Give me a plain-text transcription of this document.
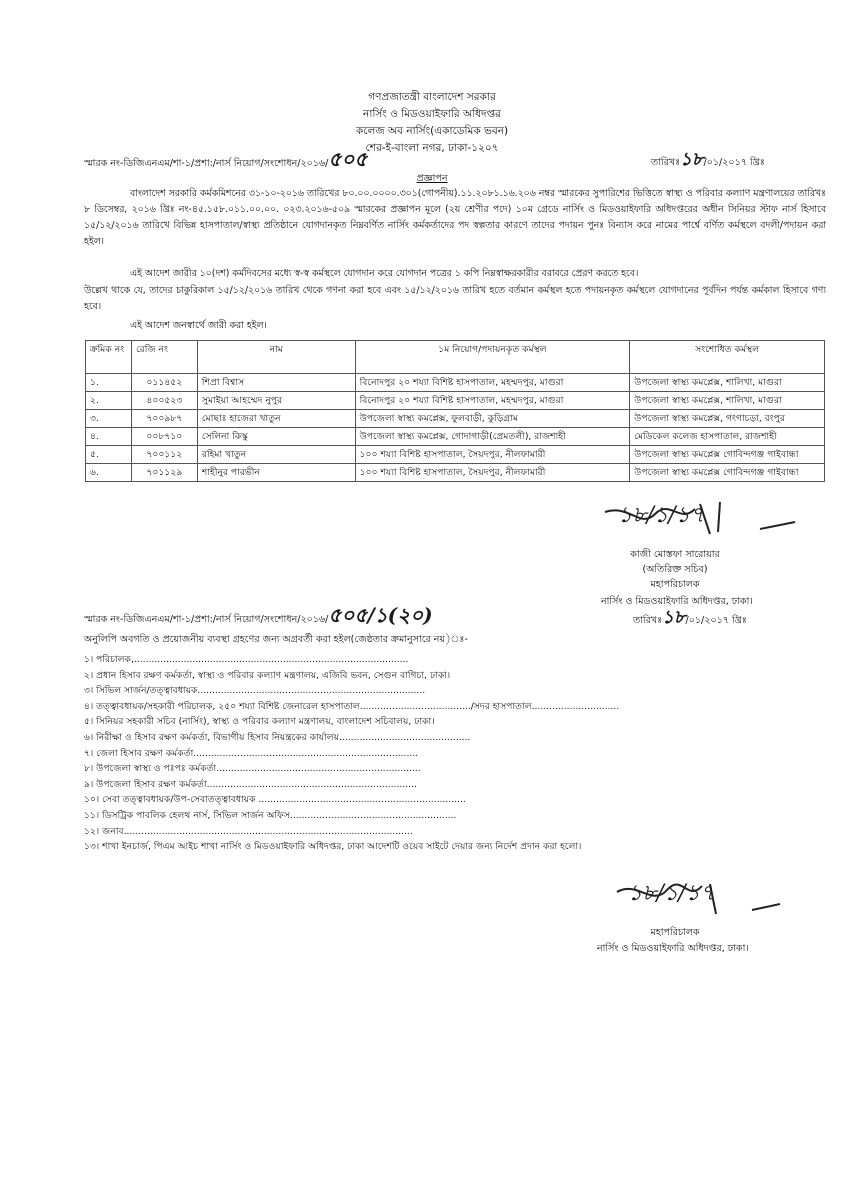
গণপ্রজাতন্ত্রী বাংলাদেশ সরকার
নার্সিং ও মিডওয়াইফারি অধিদপ্তর
কলেজ অব নার্সিং(একাডেমিক ভবন)
শের-ই-বাংলা নগর, ঢাকা-১২০৭
স্মারক নং-ডিজিএনএম/শা-১/প্রশা:/নার্স নিয়োগ/সংশোধন/২০১৬/৫০৫	তারিখঃ১৮/০১/২০১৭ খ্রিঃ
প্রজ্ঞাপন
বাংলাদেশ সরকারি কর্মকমিশনের ৩১-১০-২০১৬ তারিখের ৮০.০০.০০০০.৩০১(গোপনীয়).১১.২০৮১.১৬.২০৬ নম্বর স্মারকের সুপারিশের ভিত্তিতে স্বাস্থ্য ও পরিবার কল্যাণ মন্ত্রণালয়ের তারিখঃ ৮ ডিসেম্বর, ২০১৬ খ্রিঃ নং-৪৫.১৫৮.০১১.০০.০০. ০২৩.২০১৬-৫০৯ স্মারকের প্রজ্ঞাপন মূলে (২য় শ্রেণীর পদে) ১০ম গ্রেডে নার্সিং ও মিডওয়াইফারি অধিদপ্তরের অধীন সিনিয়র স্টাফ নার্স হিসাবে ১৫/১২/২০১৬ তারিখে বিভিন্ন হাসপাতাল/স্বাস্থ্য প্রতিষ্ঠানে যোগদানকৃত নিম্নবর্ণিত নার্সিং কর্মকর্তাদের পদ স্বল্পতার কারণে তাদের পদায়ন পুনঃ বিন্যাস করে নামের পার্শ্বে বর্ণিত কর্মস্থলে বদলী/পদায়ন করা হইল।
এই আদেশ জারীর ১০(দশ) কর্মদিবসের মধ্যে স্ব-স্ব কর্মস্থলে যোগদান করে যোগদান পত্রের ১ কপি নিম্নস্বাক্ষরকারীর বরাবরে প্রেরণ করতে হবে।
উল্লেখ থাকে যে, তাদের চাকুরিকাল ১৫/১২/২০১৬ তারিখ থেকে গণনা করা হবে এবং ১৫/১২/২০১৬ তারিখ হতে বর্তমান কর্মস্থল হতে পদায়নকৃত কর্মস্থলে যোগদানের পূর্বদিন পর্যন্ত কর্মকাল হিসাবে গণ্য হবে।
এই আদেশ জনস্বার্থে জারী করা হইল।
ক্রমিক নং	রেজি নং	নাম	১ম নিয়োগ/পদায়নকৃত কর্মস্থল	সংশোধিত কর্মস্থল
১.	০১১৪৫২	শিপ্রা বিশ্বাস	বিনোদপুর ২০ শয্যা বিশিষ্ট হাসপাতাল, মহম্মদপুর, মাগুরা	উপজেলা স্বাস্থ্য কমপ্লেক্স, শালিখা, মাগুরা
২.	৪০০৫২৩	সুমাইয়া আহম্মেদ নুপুর	বিনোদপুর ২০ শয্যা বিশিষ্ট হাসপাতাল, মহম্মদপুর, মাগুরা	উপজেলা স্বাস্থ্য কমপ্লেক্স, শালিখা, মাগুরা
৩.	৭০০৯৮৭	মোছাঃ হাজেরা খাতুন	উপজেলা স্বাস্থ্য কমপ্লেক্স, ফুলবাড়ী, কুড়িগ্রাম	উপজেলা স্বাস্থ্য কমপ্লেক্স, গংগাচড়া, রংপুর
৪.	০০৮৭১০	সেলিনা কিস্কু	উপজেলা স্বাস্থ্য কমপ্লেক্স, গোদাগাড়ী(প্রেমতলী), রাজশাহী	মেডিকেল কলেজ হাসপাতাল, রাজশাহী
৫.	৭০০১১২	রহিমা খাতুন	১০০ শয্যা বিশিষ্ট হাসপাতাল, সৈয়দপুর, নীলফামারী	উপজেলা স্বাস্থ্য কমপ্লেক্স গোবিন্দগঞ্জ গাইবান্ধা
৬.	৭০১১২৯	শাহীনুর পারভীন	১০০ শয্যা বিশিষ্ট হাসপাতাল, সৈয়দপুর, নীলফামারী	উপজেলা স্বাস্থ্য কমপ্লেক্স গোবিন্দগঞ্জ গাইবান্ধা
১৮/১/১৭
কাজী মোস্তফা সারোয়ার
(অতিরিক্ত সচিব)
মহাপরিচালক
নার্সিং ও মিডওয়াইফারি অধিদপ্তর, ঢাকা।
স্মারক নং-ডিজিএনএম/শা-১/প্রশা:/নার্স নিয়োগ/সংশোধন/২০১৬/৫০৫/১(২০)	তারিখঃ১৮/০১/২০১৭ খ্রিঃ
অনুলিপি অবগতি ও প্রয়োজনীয় ব্যবস্থা গ্রহণের জন্য অগ্রবর্তী করা হইল(জেষ্ঠতার ক্রমানুসারে নয়)ঃ-
১। পরিচালক,..............................................................................................
২। প্রধান হিসাব রক্ষণ কর্মকর্তা, স্বাস্থ্য ও পরিবার কল্যাণ মন্ত্রণালয়, এজিবি ভবন, সেগুন বাগিচা, ঢাকা।
৩। সিভিল সার্জন/তত্ত্বাবধায়ক..............................................................................
৪। তত্ত্বাবধায়ক/সহকারী পরিচালক, ২৫০ শয্যা বিশিষ্ট জেনারেল হাসপাতাল....................................../সদর হাসপাতাল..............................
৫। সিনিয়র সহকারী সচিব (নার্সিং), স্বাস্থ্য ও পরিবার কল্যাণ মন্ত্রণালয়, বাংলাদেশ সচিবালয়, ঢাকা।
৬। নিরীক্ষা ও হিসাব রক্ষণ কর্মকর্তা, বিভাগীয় হিসাব নিয়ন্ত্রকের কার্যালয়.............................................
৭। জেলা হিসাব রক্ষণ কর্মকর্তা.............................................................................
৮। উপজেলা স্বাস্থ্য ও পঃপঃ কর্মকর্তা......................................................................
৯। উপজেলা হিসাব রক্ষণ কর্মকর্তা........................................................................
১০। সেবা তত্ত্বাবধায়ক/উপ-সেবাতত্ত্বাবধায়ক .......................................................................
১১। ডিসট্রিক পাবলিক হেলথ নার্স, সিভিল সার্জন অফিস.........................................................
১২। জনাব...................................................................................................
১৩। শাখা ইনচার্জ, পিএম আইচ শাখা নার্সিং ও মিডওয়াইফারি অধিদপ্তর, ঢাকা আদেশটি ওয়েব সাইটে দেয়ার জন্য নির্দেশ প্রদান করা হলো।
১৮/১/১৭
মহাপরিচালক
নার্সিং ও মিডওয়াইফারি অধিদপ্তর, ঢাকা।
